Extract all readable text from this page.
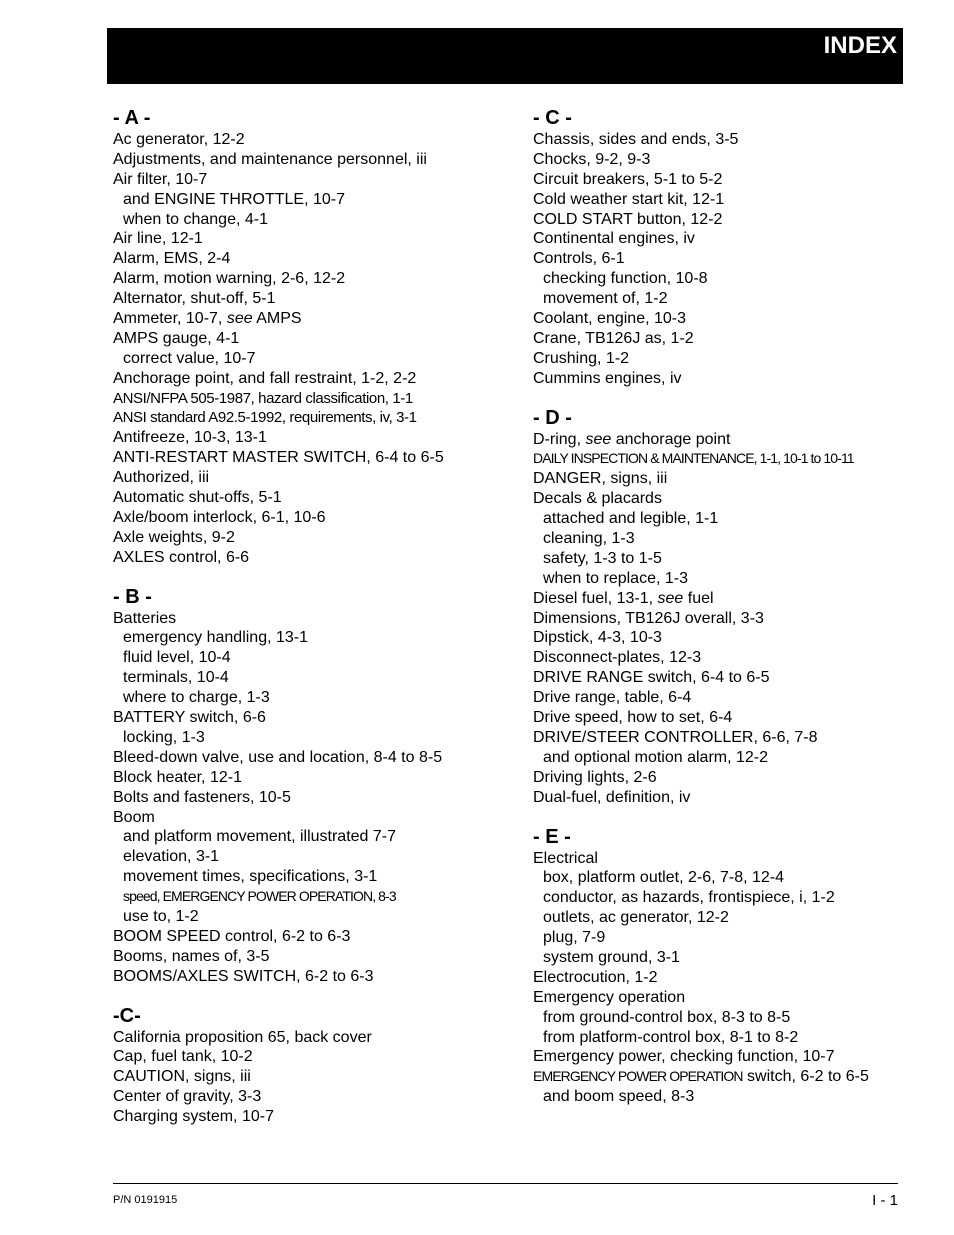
INDEX
- A -
Ac generator, 12-2
Adjustments, and maintenance personnel, iii
Air filter, 10-7
and ENGINE THROTTLE, 10-7
when to change, 4-1
Air line, 12-1
Alarm, EMS, 2-4
Alarm, motion warning, 2-6, 12-2
Alternator, shut-off, 5-1
Ammeter, 10-7, see AMPS
AMPS gauge, 4-1
correct value, 10-7
Anchorage point, and fall restraint, 1-2, 2-2
ANSI/NFPA 505-1987, hazard classification, 1-1
ANSI standard A92.5-1992, requirements, iv, 3-1
Antifreeze, 10-3, 13-1
ANTI-RESTART MASTER SWITCH, 6-4 to 6-5
Authorized, iii
Automatic shut-offs, 5-1
Axle/boom interlock, 6-1, 10-6
Axle weights, 9-2
AXLES control, 6-6
- B -
Batteries
emergency handling, 13-1
fluid level, 10-4
terminals, 10-4
where to charge, 1-3
BATTERY switch, 6-6
locking, 1-3
Bleed-down valve, use and location, 8-4 to 8-5
Block heater, 12-1
Bolts and fasteners, 10-5
Boom
and platform movement, illustrated 7-7
elevation, 3-1
movement times, specifications, 3-1
speed, EMERGENCY POWER OPERATION, 8-3
use to, 1-2
BOOM SPEED control, 6-2 to 6-3
Booms, names of, 3-5
BOOMS/AXLES SWITCH, 6-2 to 6-3
-C-
California proposition 65, back cover
Cap, fuel tank, 10-2
CAUTION, signs, iii
Center of gravity, 3-3
Charging system, 10-7
- C -
Chassis, sides and ends, 3-5
Chocks, 9-2, 9-3
Circuit breakers, 5-1 to 5-2
Cold weather start kit, 12-1
COLD START button, 12-2
Continental engines, iv
Controls, 6-1
checking function, 10-8
movement of, 1-2
Coolant, engine, 10-3
Crane, TB126J as, 1-2
Crushing, 1-2
Cummins engines, iv
- D -
D-ring, see anchorage point
DAILY INSPECTION & MAINTENANCE, 1-1, 10-1 to 10-11
DANGER, signs, iii
Decals & placards
attached and legible, 1-1
cleaning, 1-3
safety, 1-3 to 1-5
when to replace, 1-3
Diesel fuel, 13-1, see fuel
Dimensions, TB126J overall, 3-3
Dipstick, 4-3, 10-3
Disconnect-plates, 12-3
DRIVE RANGE switch, 6-4 to 6-5
Drive range, table, 6-4
Drive speed, how to set, 6-4
DRIVE/STEER CONTROLLER, 6-6, 7-8
and optional motion alarm, 12-2
Driving lights, 2-6
Dual-fuel, definition, iv
- E -
Electrical
box, platform outlet, 2-6, 7-8, 12-4
conductor, as hazards, frontispiece, i, 1-2
outlets, ac generator, 12-2
plug, 7-9
system ground, 3-1
Electrocution, 1-2
Emergency operation
from ground-control box, 8-3 to 8-5
from platform-control box, 8-1 to 8-2
Emergency power, checking function, 10-7
EMERGENCY POWER OPERATION switch, 6-2 to 6-5
and boom speed, 8-3
P/N 0191915	I - 1
